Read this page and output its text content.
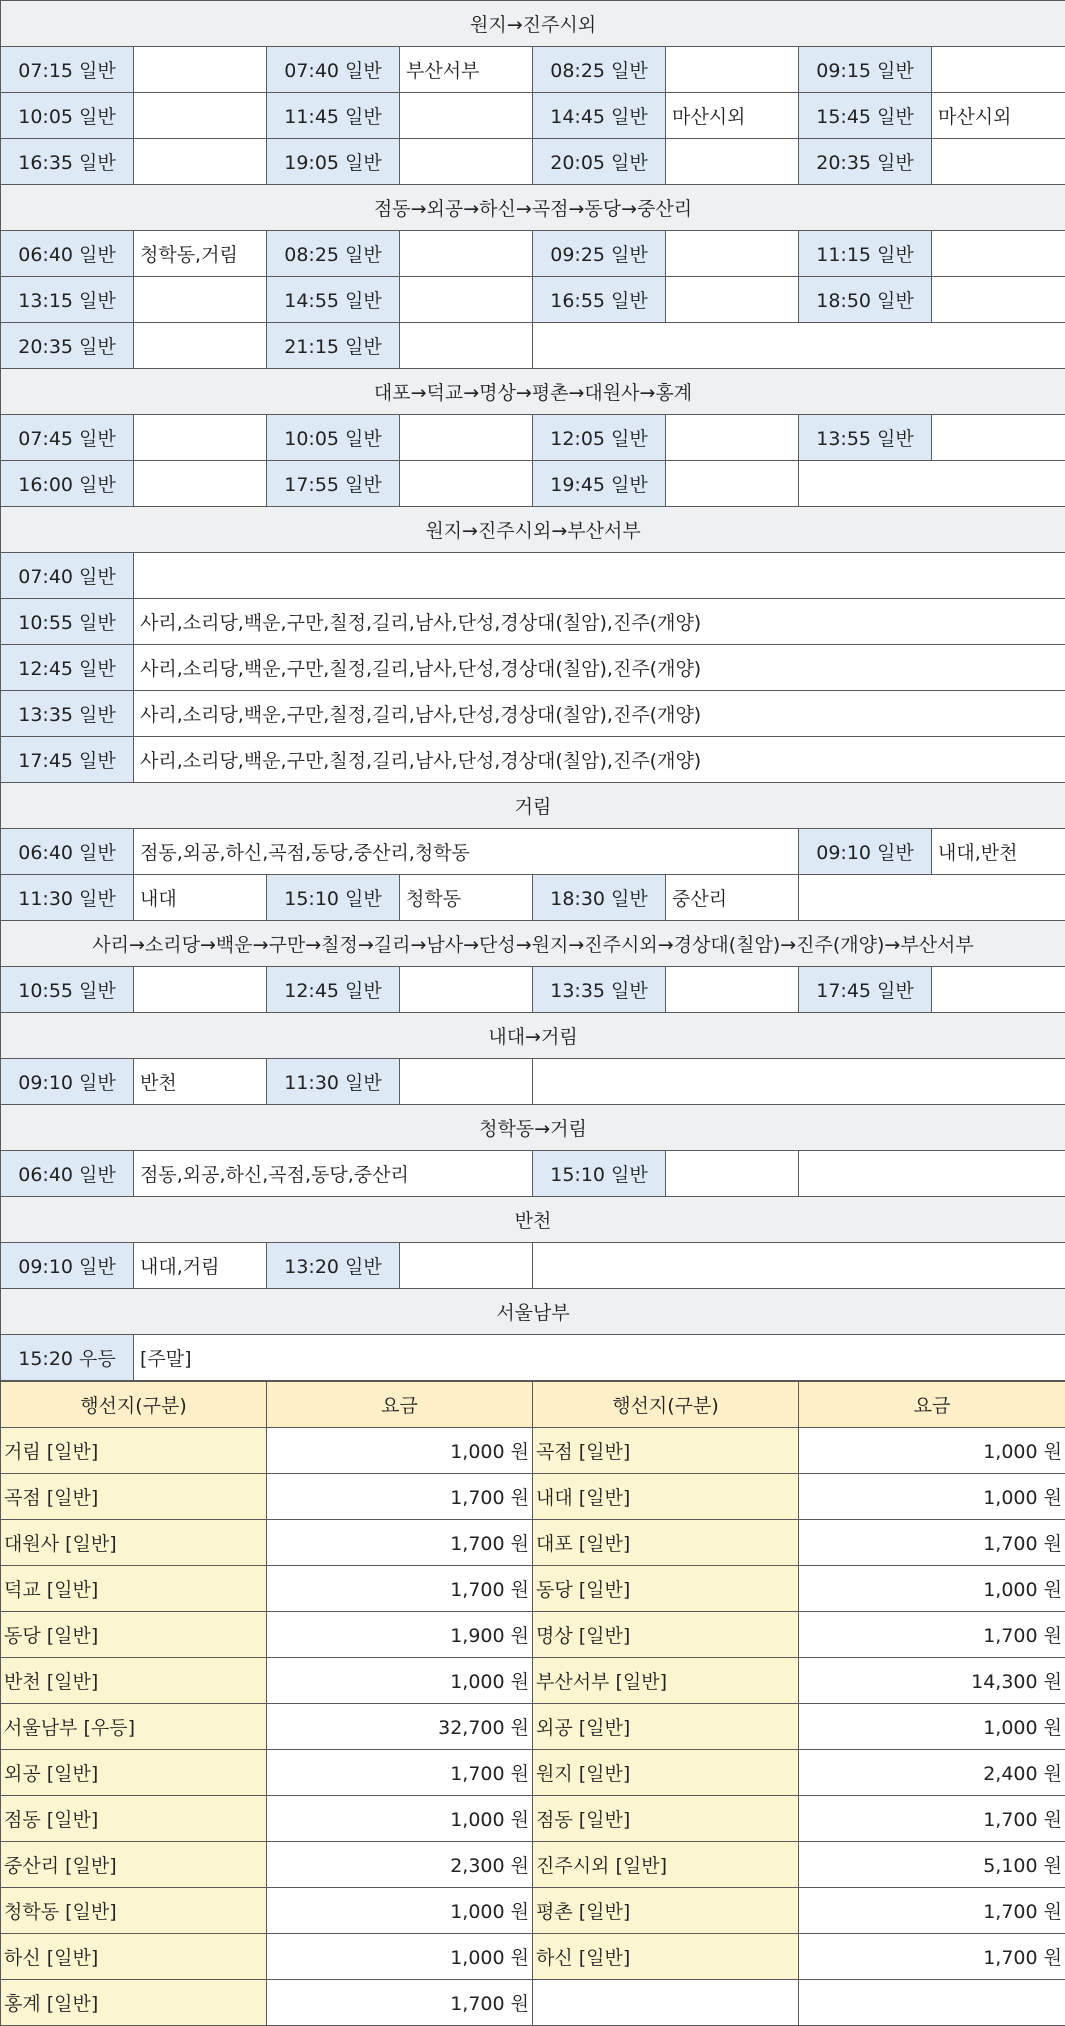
원지→진주시외							
07:15 일반		07:40 일반	부산서부	08:25 일반		09:15 일반	
10:05 일반		11:45 일반		14:45 일반	마산시외	15:45 일반	마산시외
16:35 일반		19:05 일반		20:05 일반		20:35 일반	
점동→외공→하신→곡점→동당→중산리							
06:40 일반	청학동,거림	08:25 일반		09:25 일반		11:15 일반	
13:15 일반		14:55 일반		16:55 일반		18:50 일반	
20:35 일반		21:15 일반					
대포→덕교→명상→평촌→대원사→홍계							
07:45 일반		10:05 일반		12:05 일반		13:55 일반	
16:00 일반		17:55 일반		19:45 일반			
원지→진주시외→부산서부							
07:40 일반							
10:55 일반	사리,소리당,백운,구만,칠정,길리,남사,단성,경상대(칠암),진주(개양)						
12:45 일반	사리,소리당,백운,구만,칠정,길리,남사,단성,경상대(칠암),진주(개양)						
13:35 일반	사리,소리당,백운,구만,칠정,길리,남사,단성,경상대(칠암),진주(개양)						
17:45 일반	사리,소리당,백운,구만,칠정,길리,남사,단성,경상대(칠암),진주(개양)						
거림							
06:40 일반	점동,외공,하신,곡점,동당,중산리,청학동					09:10 일반	내대,반천
11:30 일반	내대	15:10 일반	청학동	18:30 일반	중산리		
사리→소리당→백운→구만→칠정→길리→남사→단성→원지→진주시외→경상대(칠암)→진주(개양)→부산서부							
10:55 일반		12:45 일반		13:35 일반		17:45 일반	
내대→거림							
09:10 일반	반천	11:30 일반					
청학동→거림							
06:40 일반	점동,외공,하신,곡점,동당,중산리			15:10 일반			
반천							
09:10 일반	내대,거림	13:20 일반					
서울남부							
15:20 우등	[주말]						
행선지(구분)	요금	행선지(구분)	요금
거림 [일반]	1,000 원	곡점 [일반]	1,000 원
곡점 [일반]	1,700 원	내대 [일반]	1,000 원
대원사 [일반]	1,700 원	대포 [일반]	1,700 원
덕교 [일반]	1,700 원	동당 [일반]	1,000 원
동당 [일반]	1,900 원	명상 [일반]	1,700 원
반천 [일반]	1,000 원	부산서부 [일반]	14,300 원
서울남부 [우등]	32,700 원	외공 [일반]	1,000 원
외공 [일반]	1,700 원	원지 [일반]	2,400 원
점동 [일반]	1,000 원	점동 [일반]	1,700 원
중산리 [일반]	2,300 원	진주시외 [일반]	5,100 원
청학동 [일반]	1,000 원	평촌 [일반]	1,700 원
하신 [일반]	1,000 원	하신 [일반]	1,700 원
홍계 [일반]	1,700 원		
